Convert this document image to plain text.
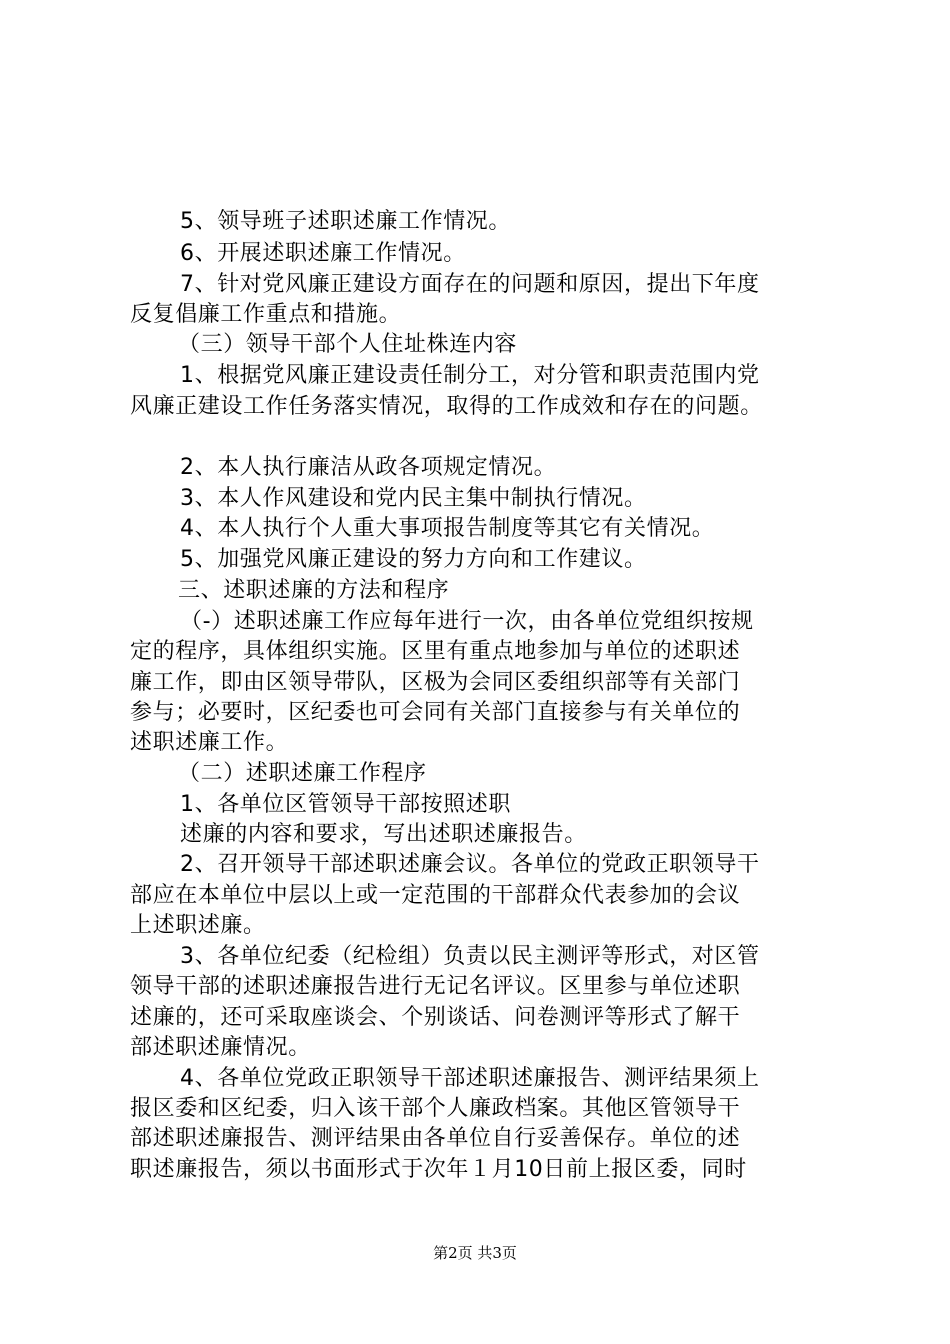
5、领导班子述职述廉工作情况。
6、开展述职述廉工作情况。
7、针对党风廉正建设方面存在的问题和原因，提出下年度
反复倡廉工作重点和措施。
（三）领导干部个人住址株连内容
1、根据党风廉正建设责任制分工，对分管和职责范围内党
风廉正建设工作任务落实情况，取得的工作成效和存在的问题。
2、本人执行廉洁从政各项规定情况。
3、本人作风建设和党内民主集中制执行情况。
4、本人执行个人重大事项报告制度等其它有关情况。
5、加强党风廉正建设的努力方向和工作建议。
三、述职述廉的方法和程序
（-）述职述廉工作应每年进行一次，由各单位党组织按规
定的程序，具体组织实施。区里有重点地参加与单位的述职述
廉工作，即由区领导带队，区极为会同区委组织部等有关部门
参与；必要时，区纪委也可会同有关部门直接参与有关单位的
述职述廉工作。
（二）述职述廉工作程序
1、各单位区管领导干部按照述职
述廉的内容和要求，写出述职述廉报告。
2、召开领导干部述职述廉会议。各单位的党政正职领导干
部应在本单位中层以上或一定范围的干部群众代表参加的会议
上述职述廉。
3、各单位纪委（纪检组）负责以民主测评等形式，对区管
领导干部的述职述廉报告进行无记名评议。区里参与单位述职
述廉的，还可采取座谈会、个别谈话、问卷测评等形式了解干
部述职述廉情况。
4、各单位党政正职领导干部述职述廉报告、测评结果须上
报区委和区纪委，归入该干部个人廉政档案。其他区管领导干
部述职述廉报告、测评结果由各单位自行妥善保存。单位的述
职述廉报告，须以书面形式于次年１月10日前上报区委，同时
第2页 共3页
